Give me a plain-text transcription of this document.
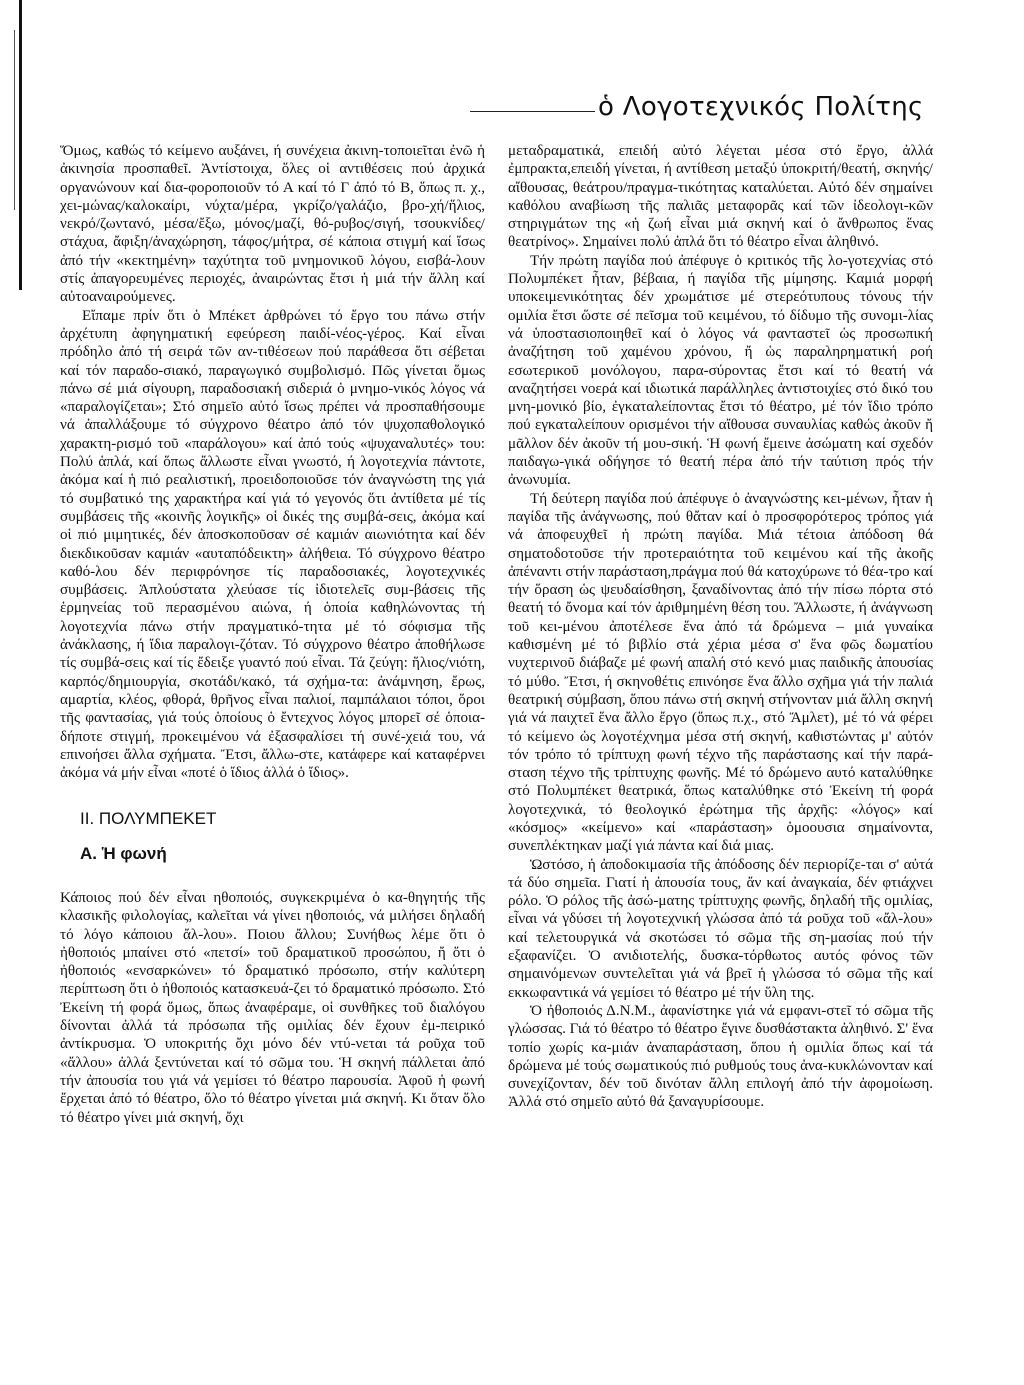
ὁ Λογοτεχνικός Πολίτης

Ὅμως, καθώς τό κείμενο αυξάνει, ή συνέχεια ἀκινη-τοποιεῖται ἐνῶ ἡ ἀκινησία προσπαθεῖ. Ἀντίστοιχα, ὅλες οἱ αντιθέσεις πού ἀρχικά οργανώνουν καί δια-φοροποιοῦν τό Α καί τό Γ ἀπό τό Β, ὅπως π. χ., χει-μώνας/καλοκαίρι, νύχτα/μέρα, γκρίζο/γαλάζιο, βρο-χή/ἥλιος, νεκρό/ζωντανό, μέσα/ἔξω, μόνος/μαζί, θό-ρυβος/σιγή, τσουκνίδες/στάχυα, ἄφιξη/ἀναχώρηση, τάφος/μήτρα, σέ κάποια στιγμή καί ἴσως ἀπό τήν «κεκτημένη» ταχύτητα τοῦ μνημονικοῦ λόγου, εισβά-λουν στίς ἀπαγορευμένες περιοχές, ἀναιρώντας ἔτσι ἡ μιά τήν ἄλλη καί αὐτοαναιρούμενες.

Εἴπαμε πρίν ὅτι ὁ Μπέκετ ἀρθρώνει τό ἔργο του πάνω στήν ἀρχέτυπη ἀφηγηματική εφεύρεση παιδί-νέος-γέρος. Καί εἶναι πρόδηλο ἀπό τή σειρά τῶν αν-τιθέσεων πού παράθεσα ὅτι σέβεται καί τόν παραδο-σιακό, παραγωγικό συμβολισμό. Πῶς γίνεται ὅμως πάνω σέ μιά σίγουρη, παραδοσιακή σιδεριά ὁ μνημο-νικός λόγος νά «παραλογίζεται»; Στό σημεῖο αὐτό ἴσως πρέπει νά προσπαθήσουμε νά ἀπαλλάξουμε τό σύγχρονο θέατρο ἀπό τόν ψυχοπαθολογικό χαρακτη-ρισμό τοῦ «παράλογου» καί ἀπό τούς «ψυχαναλυτές» του: Πολύ ἁπλά, καί ὅπως ἄλλωστε εἶναι γνωστό, ή λογοτεχνία πάντοτε, ἀκόμα καί ἡ πιό ρεαλιστική, προειδοποιοῦσε τόν ἀναγνώστη της γιά τό συμβατικό της χαρακτήρα καί γιά τό γεγονός ὅτι ἀντίθετα μέ τίς συμβάσεις τῆς «κοινῆς λογικῆς» οἱ δικές της συμβά-σεις, ἀκόμα καί οἱ πιό μιμητικές, δέν ἀποσκοποῦσαν σέ καμιάν αιωνιότητα καί δέν διεκδικοῦσαν καμιάν «αυταπόδεικτη» ἀλήθεια. Τό σύγχρονο θέατρο καθό-λου δέν περιφρόνησε τίς παραδοσιακές, λογοτεχνικές συμβάσεις. Ἁπλούστατα χλεύασε τίς ἰδιοτελεῖς συμ-βάσεις τῆς ἑρμηνείας τοῦ περασμένου αιώνα, ή ὁποία καθηλώνοντας τή λογοτεχνία πάνω στήν πραγματικό-τητα μέ τό σόφισμα τῆς ἀνάκλασης, ή ἴδια παραλογι-ζόταν. Τό σύγχρονο θέατρο ἀποθήλωσε τίς συμβά-σεις καί τίς ἔδειξε γυαντό πού εἶναι. Τά ζεύγη: ἥλιος/νιότη, καρπός/δημιουργία, σκοτάδι/κακό, τά σχήμα-τα: ἀνάμνηση, ἔρως, αμαρτία, κλέος, φθορά, θρῆνος εἶναι παλιοί, παμπάλαιοι τόποι, ὅροι τῆς φαντασίας, γιά τούς ὁποίους ὁ ἔντεχνος λόγος μπορεῖ σέ ὁποια-δήποτε στιγμή, προκειμένου νά ἐξασφαλίσει τή συνέ-χειά του, νά επινοήσει ἄλλα σχήματα. Ἔτσι, ἄλλω-στε, κατάφερε καί καταφέρνει ἀκόμα νά μήν εἶναι «ποτέ ὁ ἴδιος ἀλλά ὁ ἴδιος».

II. ΠΟΛΥΜΠΕΚΕΤ
Α. Ἡ φωνή

Κάποιος πού δέν εἶναι ηθοποιός, συγκεκριμένα ὁ κα-θηγητής τῆς κλασικῆς φιλολογίας, καλεῖται νά γίνει ηθοποιός, νά μιλήσει δηλαδή τό λόγο κάποιου ἄλ-λου». Ποιου ἄλλου; Συνήθως λέμε ὅτι ὁ ἠθοποιός μπαίνει στό «πετσί» τοῦ δραματικοῦ προσώπου, ἤ ὅτι ὁ ἠθοποιός «ενσαρκώνει» τό δραματικό πρόσωπο, στήν καλύτερη περίπτωση ὅτι ὁ ἠθοποιός κατασκευά-ζει τό δραματικό πρόσωπο. Στό Ἐκείνη τή φορά ὅμως, ὅπως ἀναφέραμε, οἱ συνθῆκες τοῦ διαλόγου δίνονται ἀλλά τά πρόσωπα τῆς ομιλίας δέν ἔχουν ἐμ-πειρικό ἀντίκρυσμα. Ὁ υποκριτής ὄχι μόνο δέν ντύ-νεται τά ροῦχα τοῦ «ἄλλου» ἀλλά ξεντύνεται καί τό σῶμα του. Ἡ σκηνή πάλλεται ἀπό τήν ἀπουσία του γιά νά γεμίσει τό θέατρο παρουσία. Ἀφοῦ ἡ φωνή ἔρχεται ἀπό τό θέατρο, ὅλο τό θέατρο γίνεται μιά σκηνή. Κι ὅταν ὅλο τό θέατρο γίνει μιά σκηνή, ὄχι

μεταδραματικά, επειδή αὐτό λέγεται μέσα στό ἔργο, ἀλλά ἐμπρακτα,επειδή γίνεται, ή αντίθεση μεταξύ ὑποκριτή/θεατή, σκηνής/αἴθουσας, θεάτρου/πραγμα-τικότητας καταλύεται. Αὐτό δέν σημαίνει καθόλου αναβίωση τῆς παλιᾶς μεταφορᾶς καί τῶν ἰδεολογι-κῶν στηριγμάτων της «ἡ ζωή εἶναι μιά σκηνή καί ὁ ἄνθρωπος ἕνας θεατρίνος». Σημαίνει πολύ ἁπλά ὅτι τό θέατρο εἶναι ἀληθινό.

Τήν πρώτη παγίδα πού ἀπέφυγε ὁ κριτικός τῆς λο-γοτεχνίας στό Πολυμπέκετ ἦταν, βέβαια, ή παγίδα τῆς μίμησης. Καμιά μορφή υποκειμενικότητας δέν χρωμάτισε μέ στερεότυπους τόνους τήν ομιλία ἔτσι ὥστε σέ πεῖσμα τοῦ κειμένου, τό δίδυμο τῆς συνομι-λίας νά ὑποστασιοποιηθεῖ καί ὁ λόγος νά φανταστεῖ ὡς προσωπική ἀναζήτηση τοῦ χαμένου χρόνου, ἤ ὡς παραληρηματική ροή εσωτερικοῦ μονόλογου, παρα-σύροντας ἔτσι καί τό θεατή νά αναζητήσει νοερά καί ιδιωτικά παράλληλες ἀντιστοιχίες στό δικό του μνη-μονικό βίο, ἐγκαταλείποντας ἔτσι τό θέατρο, μέ τόν ἴδιο τρόπο πού εγκαταλείπουν ορισμένοι τήν αἴθουσα συναυλίας καθώς ἀκοῦν ἤ μᾶλλον δέν ἀκοῦν τή μου-σική. Ἡ φωνή ἔμεινε ἀσώματη καί σχεδόν παιδαγω-γικά οδήγησε τό θεατή πέρα ἀπό τήν ταύτιση πρός τήν ἀνωνυμία.

Τή δεύτερη παγίδα πού ἀπέφυγε ὁ ἀναγνώστης κει-μένων, ἦταν ἡ παγίδα τῆς ἀνάγνωσης, πού θἄταν καί ὁ προσφορότερος τρόπος γιά νά ἀποφευχθεῖ ἡ πρώτη παγίδα. Μιά τέτοια ἀπόδοση θά σηματοδοτοῦσε τήν προτεραιότητα τοῦ κειμένου καί τῆς ἀκοῆς ἀπέναντι στήν παράσταση,πράγμα πού θά κατοχύρωνε τό θέα-τρο καί τήν ὅραση ὡς ψευδαίσθηση, ξαναδίνοντας ἀπό τήν πίσω πόρτα στό θεατή τό ὄνομα καί τόν ἀριθμημένη θέση του. Ἄλλωστε, ή ἀνάγνωση τοῦ κει-μένου ἀποτέλεσε ἕνα ἀπό τά δρώμενα – μιά γυναίκα καθισμένη μέ τό βιβλίο στά χέρια μέσα σ' ἕνα φῶς δωματίου νυχτερινοῦ διάβαζε μέ φωνή απαλή στό κενό μιας παιδικῆς ἀπουσίας τό μύθο. Ἔτσι, ή σκηνοθέτις επινόησε ἕνα ἄλλο σχῆμα γιά τήν παλιά θεατρική σύμβαση, ὅπου πάνω στή σκηνή στήνονταν μιά ἄλλη σκηνή γιά νά παιχτεῖ ἕνα ἄλλο ἔργο (ὅπως π.χ., στό Ἄμλετ), μέ τό νά φέρει τό κείμενο ὡς λογοτέχνημα μέσα στή σκηνή, καθιστώντας μ' αὐτόν τόν τρόπο τό τρίπτυχη φωνή τέχνο τῆς παράστασης καί τήν παρά-σταση τέχνο τῆς τρίπτυχης φωνῆς. Μέ τό δρώμενο αυτό καταλύθηκε στό Πολυμπέκετ θεατρικά, ὅπως καταλύθηκε στό Ἐκείνη τή φορά λογοτεχνικά, τό θεολογικό ἐρώτημα τῆς ἀρχῆς: «λόγος» καί «κόσμος» «κείμενο» καί «παράσταση» ὁμοουσια σημαίνοντα, συνεπλέκτηκαν μαζί γιά πάντα καί διά μιας.

Ὡστόσο, ἡ ἀποδοκιμασία τῆς ἀπόδοσης δέν περιορίζε-ται σ' αὐτά τά δύο σημεῖα. Γιατί ἡ ἀπουσία τους, ἄν καί ἀναγκαία, δέν φτιάχνει ρόλο. Ὁ ρόλος τῆς ἀσώ-ματης τρίπτυχης φωνῆς, δηλαδή τῆς ομιλίας, εἶναι νά γδύσει τή λογοτεχνική γλώσσα ἀπό τά ροῦχα τοῦ «ἄλ-λου» καί τελετουργικά νά σκοτώσει τό σῶμα τῆς ση-μασίας πού τήν εξαφανίζει. Ὁ ανιδιοτελής, δυσκα-τόρθωτος αυτός φόνος τῶν σημαινόμενων συντελεῖται γιά νά βρεῖ ἡ γλώσσα τό σῶμα τῆς καί εκκωφαντικά νά γεμίσει τό θέατρο μέ τήν ὕλη της.

Ὁ ἠθοποιός Δ.Ν.Μ., ἀφανίστηκε γιά νά εμφανι-στεῖ τό σῶμα τῆς γλώσσας. Γιά τό θέατρο τό θέατρο ἔγινε δυσθάστακτα ἀληθινό. Σ' ἕνα τοπίο χωρίς κα-μιάν ἀναπαράσταση, ὅπου ἡ ομιλία ὅπως καί τά δρώμενα μέ τούς σωματικούς πιό ρυθμούς τους ἀνα-κυκλώνονταν καί συνεχίζονταν, δέν τοῦ δινόταν ἄλλη επιλογή ἀπό τήν ἀφομοίωση. Ἀλλά στό σημεῖο αὐτό θά ξαναγυρίσουμε.
